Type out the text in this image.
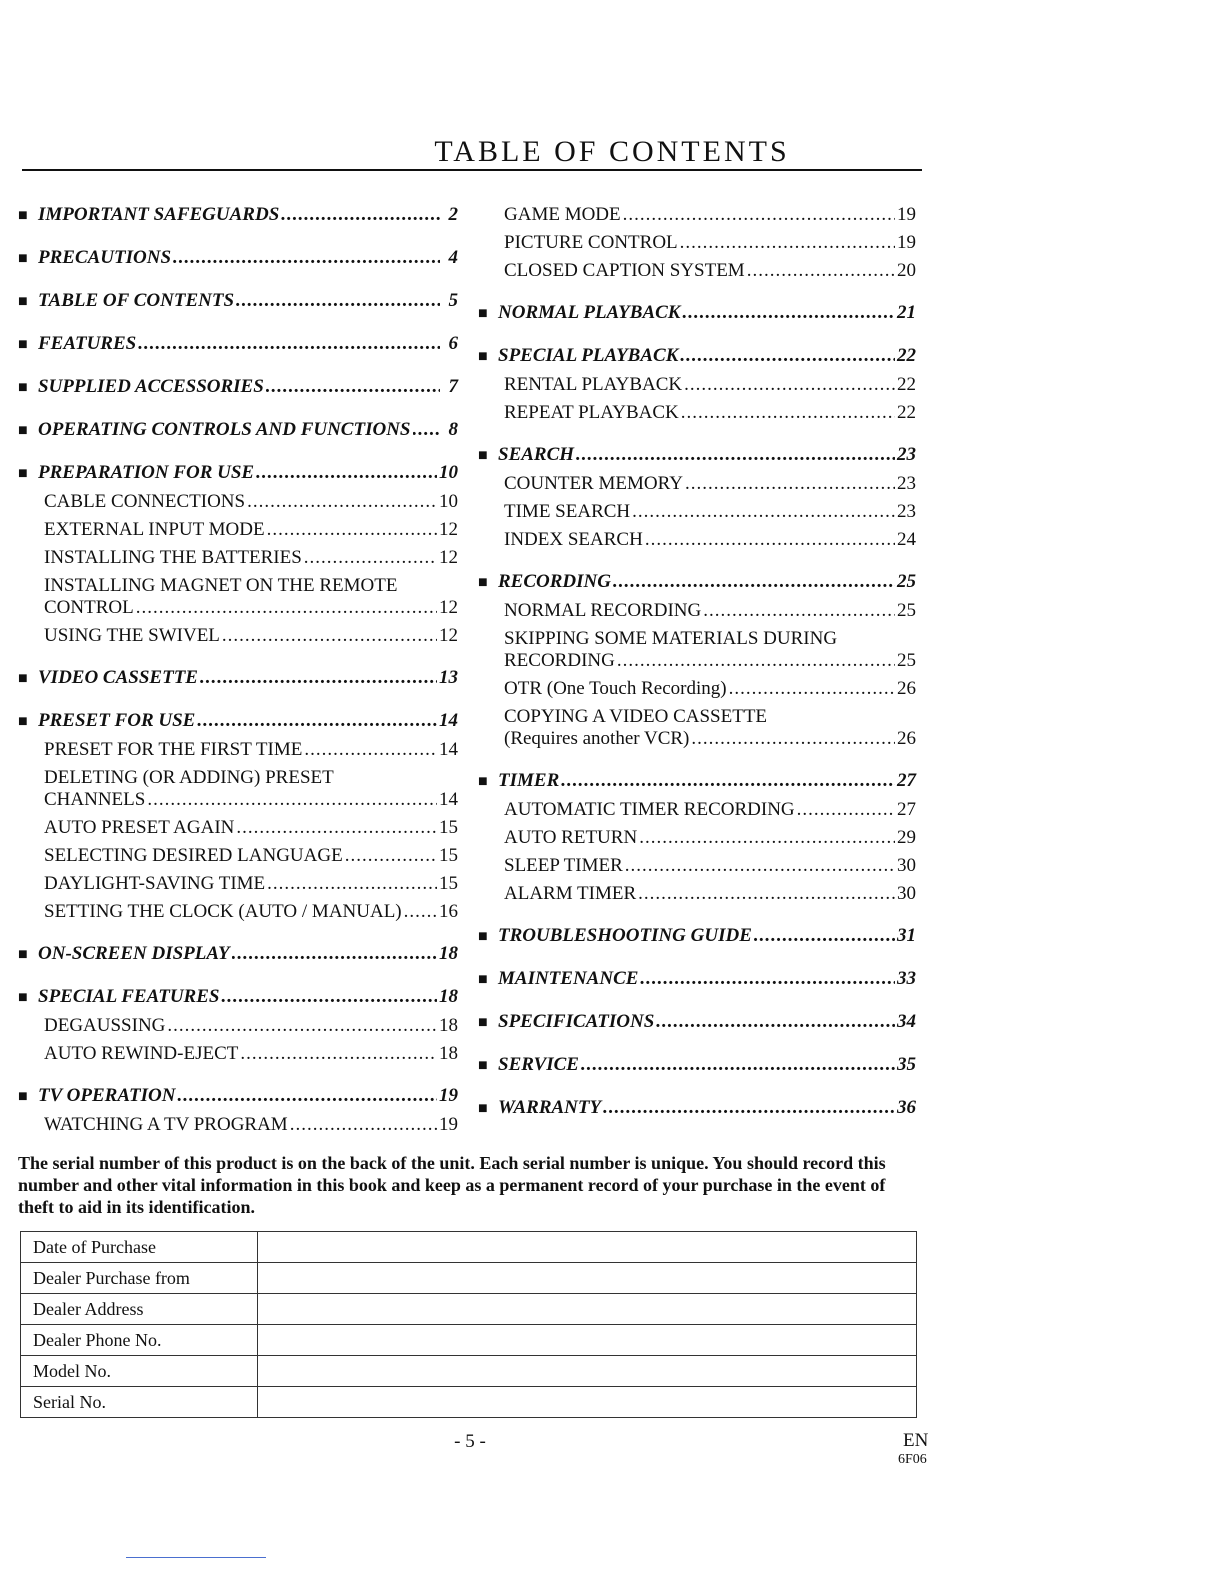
TABLE OF CONTENTS
■ IMPORTANT SAFEGUARDS .....	2
■ PRECAUTIONS .....	4
■ TABLE OF CONTENTS .....	5
■ FEATURES .....	6
■ SUPPLIED ACCESSORIES .....	7
■ OPERATING CONTROLS AND FUNCTIONS .....	8
■ PREPARATION FOR USE .....	10
CABLE CONNECTIONS .....	10
EXTERNAL INPUT MODE .....	12
INSTALLING THE BATTERIES .....	12
INSTALLING MAGNET ON THE REMOTE
CONTROL .....	12
USING THE SWIVEL .....	12
■ VIDEO CASSETTE .....	13
■ PRESET FOR USE .....	14
PRESET FOR THE FIRST TIME .....	14
DELETING (OR ADDING) PRESET
CHANNELS .....	14
AUTO PRESET AGAIN .....	15
SELECTING DESIRED LANGUAGE .....	15
DAYLIGHT-SAVING TIME .....	15
SETTING THE CLOCK (AUTO / MANUAL) ..... 16
■ ON-SCREEN DISPLAY .....	18
■ SPECIAL FEATURES .....	18
DEGAUSSING .....	18
AUTO REWIND-EJECT .....	18
■ TV OPERATION .....	19
WATCHING A TV PROGRAM .....	19
GAME MODE .....	19
PICTURE CONTROL .....	19
CLOSED CAPTION SYSTEM .....	20
■ NORMAL PLAYBACK .....	21
■ SPECIAL PLAYBACK .....	22
RENTAL PLAYBACK .....	22
REPEAT PLAYBACK .....	22
■ SEARCH .....	23
COUNTER MEMORY .....	23
TIME SEARCH .....	23
INDEX SEARCH .....	24
■ RECORDING .....	25
NORMAL RECORDING .....	25
SKIPPING SOME MATERIALS DURING
RECORDING .....	25
OTR (One Touch Recording) .....	26
COPYING A VIDEO CASSETTE
(Requires another VCR) .....	26
■ TIMER .....	27
AUTOMATIC TIMER RECORDING .....	27
AUTO RETURN .....	29
SLEEP TIMER .....	30
ALARM TIMER .....	30
■ TROUBLESHOOTING GUIDE .....	31
■ MAINTENANCE .....	33
■ SPECIFICATIONS .....	34
■ SERVICE .....	35
■ WARRANTY .....	36
The serial number of this product is on the back of the unit. Each serial number is unique. You should record this number and other vital information in this book and keep as a permanent record of your purchase in the event of theft to aid in its identification.
Date of Purchase	
Dealer Purchase from	
Dealer Address	
Dealer Phone No.	
Model No.	
Serial No.	
- 5 -	EN
6F06
